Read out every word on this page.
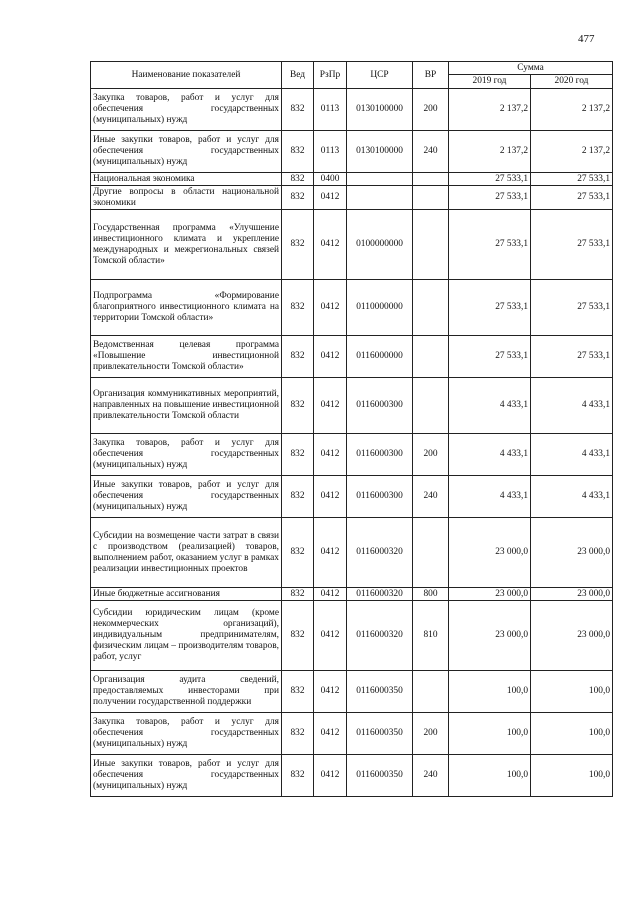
477
Наименование показателей	Вед	РзПр	ЦСР	ВР	Сумма	
					2019 год	2020 год
Закупка товаров, работ и услуг для обеспечения государственных (муниципальных) нужд	832	0113	0130100000	200	2 137,2	2 137,2
Иные закупки товаров, работ и услуг для обеспечения государственных (муниципальных) нужд	832	0113	0130100000	240	2 137,2	2 137,2
Национальная экономика	832	0400			27 533,1	27 533,1
Другие вопросы в области национальной экономики	832	0412			27 533,1	27 533,1
Государственная программа «Улучшение инвестиционного климата и укрепление международных и межрегиональных связей Томской области»	832	0412	0100000000		27 533,1	27 533,1
Подпрограмма «Формирование благоприятного инвестиционного климата на территории Томской области»	832	0412	0110000000		27 533,1	27 533,1
Ведомственная целевая программа «Повышение инвестиционной привлекательности Томской области»	832	0412	0116000000		27 533,1	27 533,1
Организация коммуникативных мероприятий, направленных на повышение инвестиционной привлекательности Томской области	832	0412	0116000300		4 433,1	4 433,1
Закупка товаров, работ и услуг для обеспечения государственных (муниципальных) нужд	832	0412	0116000300	200	4 433,1	4 433,1
Иные закупки товаров, работ и услуг для обеспечения государственных (муниципальных) нужд	832	0412	0116000300	240	4 433,1	4 433,1
Субсидии на возмещение части затрат в связи с производством (реализацией) товаров, выполнением работ, оказанием услуг в рамках реализации инвестиционных проектов	832	0412	0116000320		23 000,0	23 000,0
Иные бюджетные ассигнования	832	0412	0116000320	800	23 000,0	23 000,0
Субсидии юридическим лицам (кроме некоммерческих организаций), индивидуальным предпринимателям, физическим лицам – производителям товаров, работ, услуг	832	0412	0116000320	810	23 000,0	23 000,0
Организация аудита сведений, предоставляемых инвесторами при получении государственной поддержки	832	0412	0116000350		100,0	100,0
Закупка товаров, работ и услуг для обеспечения государственных (муниципальных) нужд	832	0412	0116000350	200	100,0	100,0
Иные закупки товаров, работ и услуг для обеспечения государственных (муниципальных) нужд	832	0412	0116000350	240	100,0	100,0
